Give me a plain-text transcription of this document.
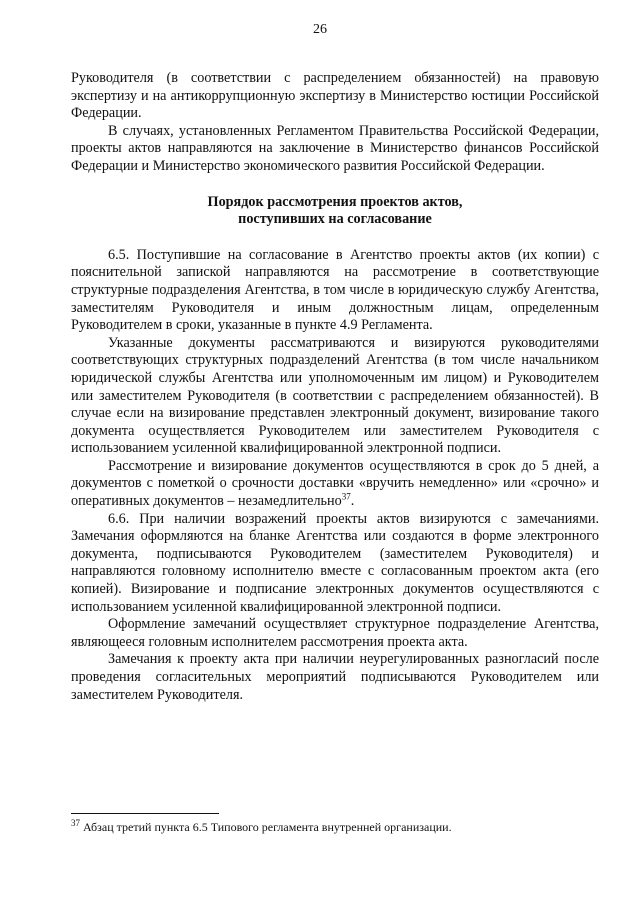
26

Руководителя (в соответствии с распределением обязанностей) на правовую экспертизу и на антикоррупционную экспертизу в Министерство юстиции Российской Федерации.

В случаях, установленных Регламентом Правительства Российской Федерации, проекты актов направляются на заключение в Министерство финансов Российской Федерации и Министерство экономического развития Российской Федерации.

Порядок рассмотрения проектов актов,
поступивших на согласование

6.5. Поступившие на согласование в Агентство проекты актов (их копии) с пояснительной запиской направляются на рассмотрение в соответствующие структурные подразделения Агентства, в том числе в юридическую службу Агентства, заместителям Руководителя и иным должностным лицам, определенным Руководителем в сроки, указанные в пункте 4.9 Регламента.

Указанные документы рассматриваются и визируются руководителями соответствующих структурных подразделений Агентства (в том числе начальником юридической службы Агентства или уполномоченным им лицом) и Руководителем или заместителем Руководителя (в соответствии с распределением обязанностей). В случае если на визирование представлен электронный документ, визирование такого документа осуществляется Руководителем или заместителем Руководителя с использованием усиленной квалифицированной электронной подписи.

Рассмотрение и визирование документов осуществляются в срок до 5 дней, а документов с пометкой о срочности доставки «вручить немедленно» или «срочно» и оперативных документов – незамедлительно$^{37}$.

6.6. При наличии возражений проекты актов визируются с замечаниями. Замечания оформляются на бланке Агентства или создаются в форме электронного документа, подписываются Руководителем (заместителем Руководителя) и направляются головному исполнителю вместе с согласованным проектом акта (его копией). Визирование и подписание электронных документов осуществляются с использованием усиленной квалифицированной электронной подписи.

Оформление замечаний осуществляет структурное подразделение Агентства, являющееся головным исполнителем рассмотрения проекта акта.

Замечания к проекту акта при наличии неурегулированных разногласий после проведения согласительных мероприятий подписываются Руководителем или заместителем Руководителя.

$^{37}$ Абзац третий пункта 6.5 Типового регламента внутренней организации.
